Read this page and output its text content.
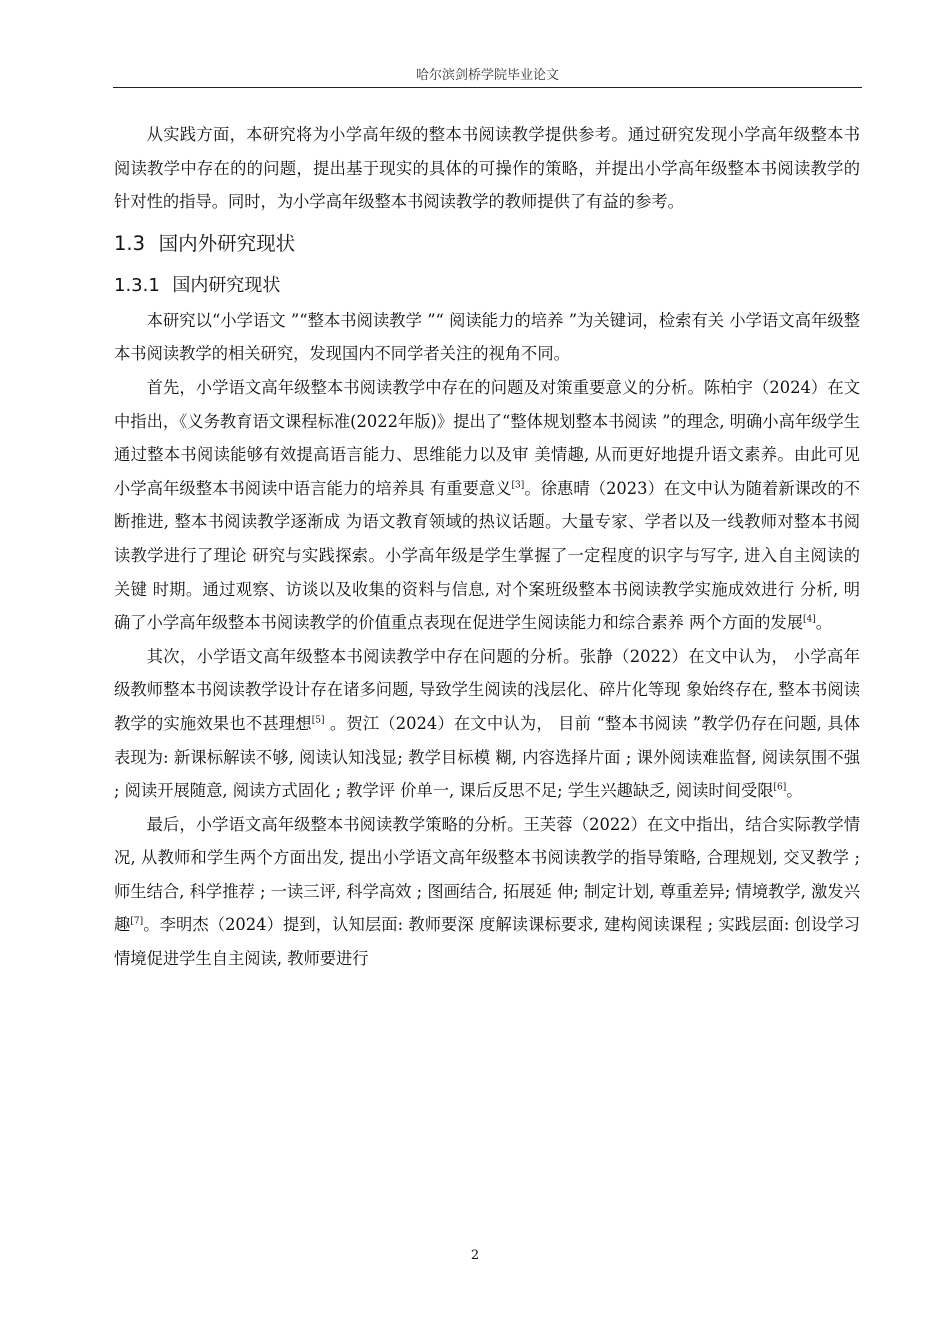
哈尔滨剑桥学院毕业论文

从实践方面，本研究将为小学高年级的整本书阅读教学提供参考。通过研究发现小学高年级整本书阅读教学中存在的的问题，提出基于现实的具体的可操作的策略，并提出小学高年级整本书阅读教学的针对性的指导。同时，为小学高年级整本书阅读教学的教师提供了有益的参考。

1.3 国内外研究现状
1.3.1 国内研究现状

本研究以“小学语文 ”“整本书阅读教学 ”“ 阅读能力的培养 ”为关键词，检索有关 小学语文高年级整本书阅读教学的相关研究，发现国内不同学者关注的视角不同。

首先，小学语文高年级整本书阅读教学中存在的问题及对策重要意义的分析。陈柏宇（2024）在文中指出，《义务教育语文课程标准(2022年版)》提出了“整体规划整本书阅读 ”的理念, 明确小高年级学生通过整本书阅读能够有效提高语言能力、思维能力以及审 美情趣, 从而更好地提升语文素养。由此可见小学高年级整本书阅读中语言能力的培养具 有重要意义[3]。徐惠晴（2023）在文中认为随着新课改的不断推进, 整本书阅读教学逐渐成 为语文教育领域的热议话题。大量专家、学者以及一线教师对整本书阅读教学进行了理论 研究与实践探索。小学高年级是学生掌握了一定程度的识字与写字, 进入自主阅读的关键 时期。通过观察、访谈以及收集的资料与信息, 对个案班级整本书阅读教学实施成效进行 分析, 明确了小学高年级整本书阅读教学的价值重点表现在促进学生阅读能力和综合素养 两个方面的发展[4]。

其次，小学语文高年级整本书阅读教学中存在问题的分析。张静（2022）在文中认为， 小学高年级教师整本书阅读教学设计存在诸多问题, 导致学生阅读的浅层化、碎片化等现 象始终存在, 整本书阅读教学的实施效果也不甚理想[5] 。贺江（2024）在文中认为， 目前 “整本书阅读 ”教学仍存在问题, 具体表现为: 新课标解读不够, 阅读认知浅显; 教学目标模 糊, 内容选择片面 ; 课外阅读难监督, 阅读氛围不强 ; 阅读开展随意, 阅读方式固化 ; 教学评 价单一, 课后反思不足; 学生兴趣缺乏, 阅读时间受限[6]。

最后，小学语文高年级整本书阅读教学策略的分析。王芙蓉（2022）在文中指出，结合实际教学情况, 从教师和学生两个方面出发, 提出小学语文高年级整本书阅读教学的指导策略, 合理规划, 交叉教学 ; 师生结合, 科学推荐 ; 一读三评, 科学高效 ; 图画结合, 拓展延 伸; 制定计划, 尊重差异; 情境教学, 激发兴趣[7]。李明杰（2024）提到，认知层面: 教师要深 度解读课标要求, 建构阅读课程 ; 实践层面: 创设学习情境促进学生自主阅读, 教师要进行

2
